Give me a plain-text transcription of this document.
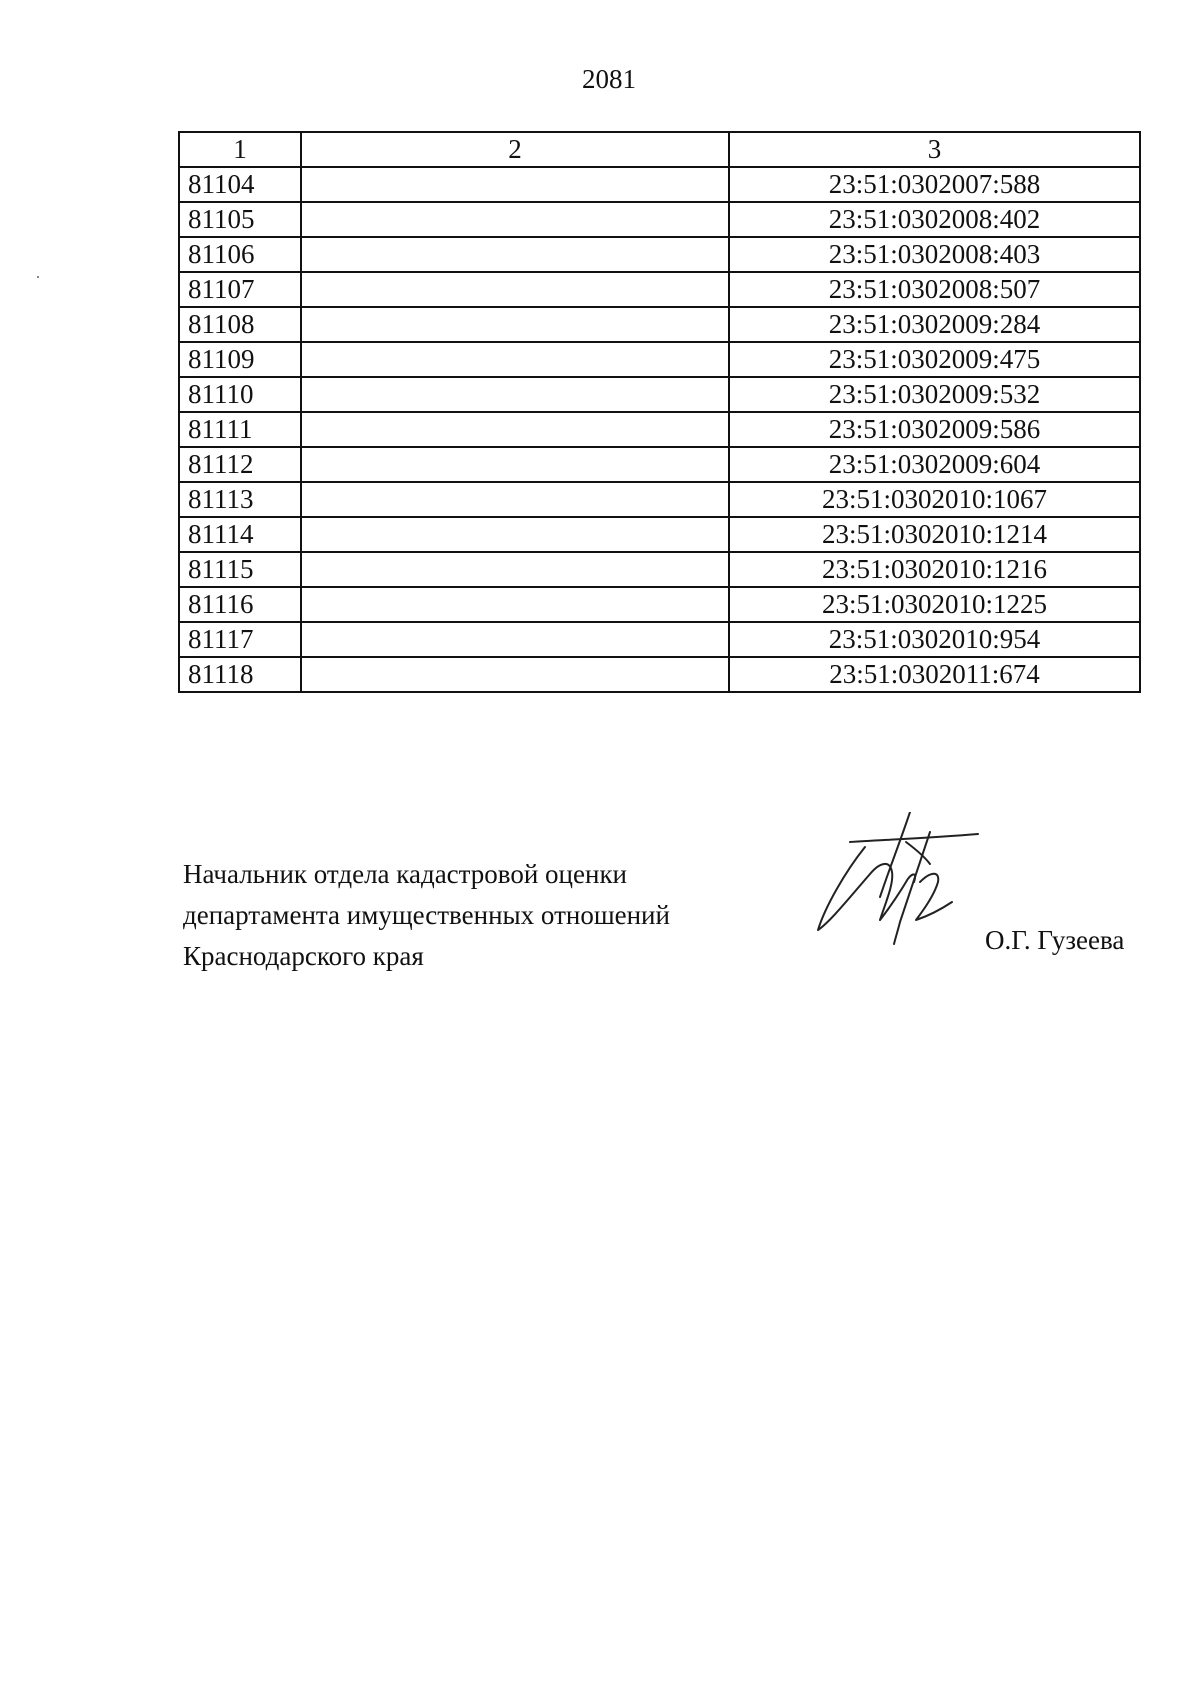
2081
1	2	3
81104		23:51:0302007:588
81105		23:51:0302008:402
81106		23:51:0302008:403
81107		23:51:0302008:507
81108		23:51:0302009:284
81109		23:51:0302009:475
81110		23:51:0302009:532
81111		23:51:0302009:586
81112		23:51:0302009:604
81113		23:51:0302010:1067
81114		23:51:0302010:1214
81115		23:51:0302010:1216
81116		23:51:0302010:1225
81117		23:51:0302010:954
81118		23:51:0302011:674
Начальник отдела кадастровой оценки
департамента имущественных отношений
Краснодарского края
О.Г. Гузеева
